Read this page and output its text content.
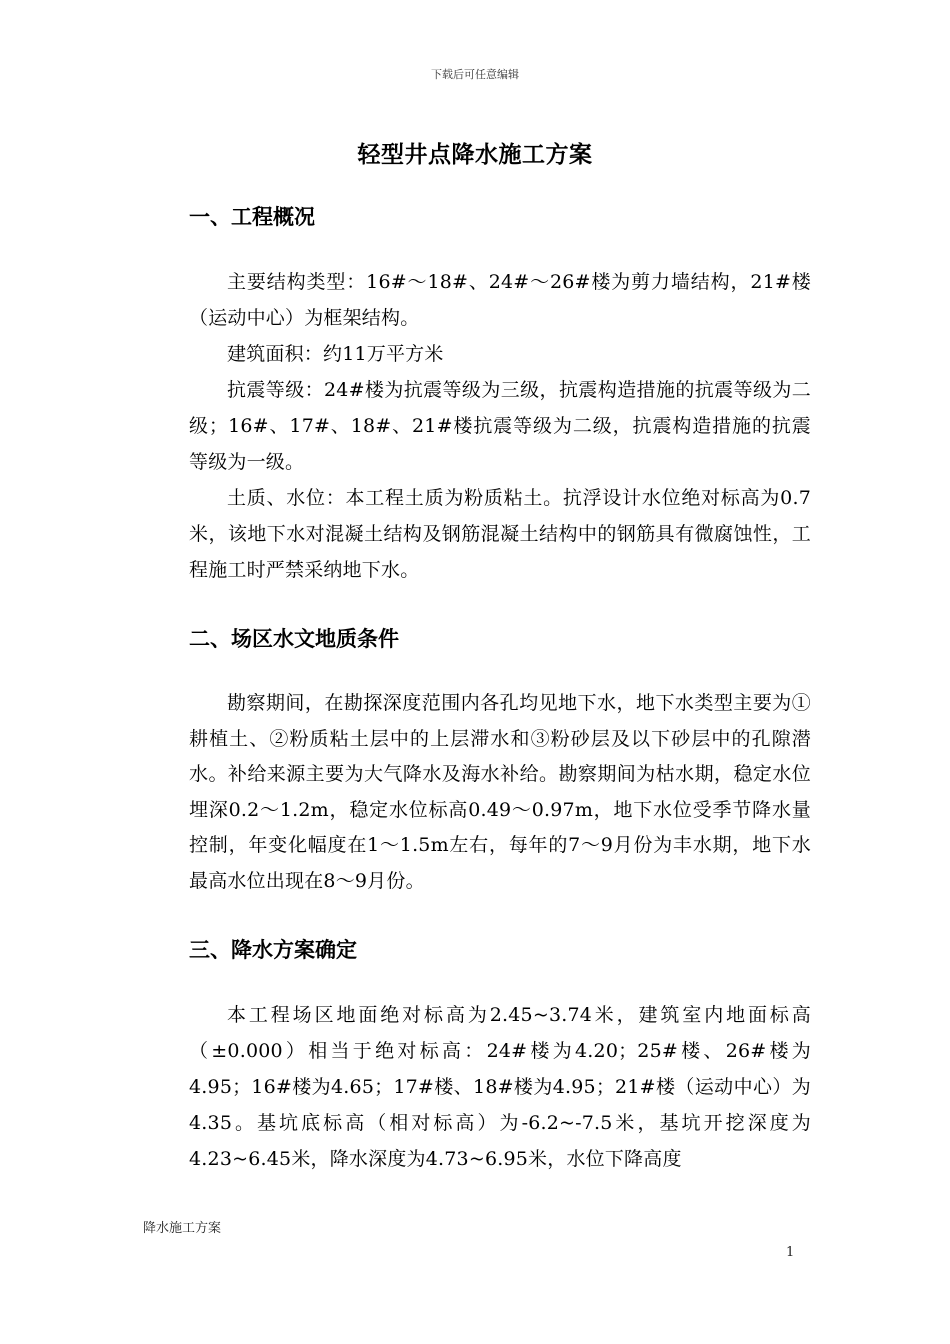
下载后可任意编辑
轻型井点降水施工方案
一、工程概况

主要结构类型：16#～18#、24#～26#楼为剪力墙结构，21#楼（运动中心）为框架结构。

建筑面积：约11万平方米

抗震等级：24#楼为抗震等级为三级，抗震构造措施的抗震等级为二级；16#、17#、18#、21#楼抗震等级为二级，抗震构造措施的抗震等级为一级。

土质、水位：本工程土质为粉质粘土。抗浮设计水位绝对标高为0.7米，该地下水对混凝土结构及钢筋混凝土结构中的钢筋具有微腐蚀性，工程施工时严禁采纳地下水。

二、场区水文地质条件

勘察期间，在勘探深度范围内各孔均见地下水，地下水类型主要为①耕植土、②粉质粘土层中的上层滞水和③粉砂层及以下砂层中的孔隙潜水。补给来源主要为大气降水及海水补给。勘察期间为枯水期，稳定水位埋深0.2～1.2m，稳定水位标高0.49～0.97m，地下水位受季节降水量控制，年变化幅度在1～1.5m左右，每年的7～9月份为丰水期，地下水最高水位出现在8～9月份。

三、降水方案确定

本工程场区地面绝对标高为2.45~3.74米，建筑室内地面标高（±0.000）相当于绝对标高：24#楼为4.20；25#楼、26#楼为4.95；16#楼为4.65；17#楼、18#楼为4.95；21#楼（运动中心）为4.35。基坑底标高（相对标高）为-6.2~-7.5米，基坑开挖深度为4.23~6.45米，降水深度为4.73~6.95米，水位下降高度

降水施工方案
1
